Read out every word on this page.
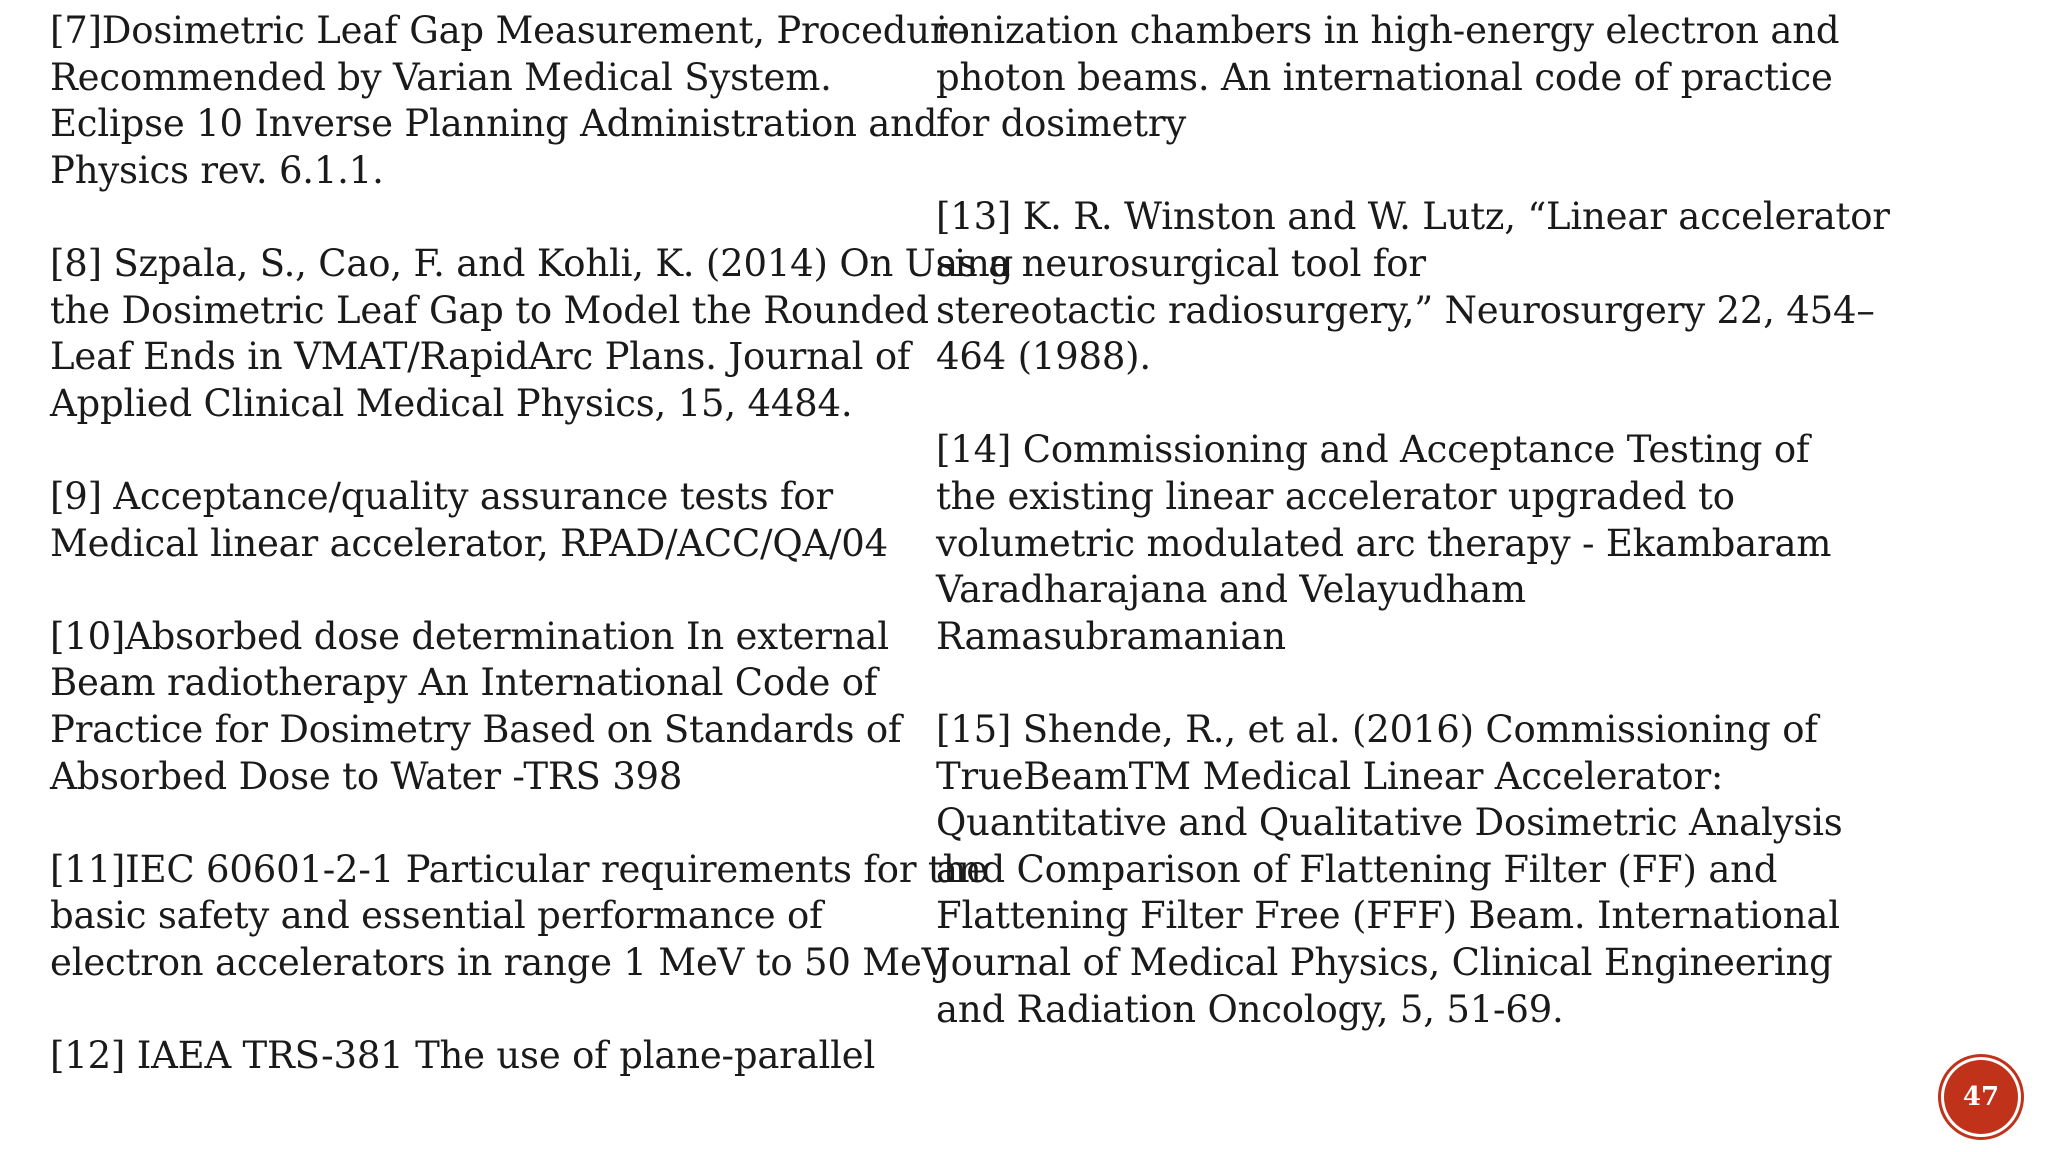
[7]Dosimetric Leaf Gap Measurement, Procedure
Recommended by Varian Medical System.
Eclipse 10 Inverse Planning Administration and
Physics rev. 6.1.1.
[8] Szpala, S., Cao, F. and Kohli, K. (2014) On Using
the Dosimetric Leaf Gap to Model the Rounded
Leaf Ends in VMAT/RapidArc Plans. Journal of
Applied Clinical Medical Physics, 15, 4484.
[9] Acceptance/quality assurance tests for
Medical linear accelerator, RPAD/ACC/QA/04
[10]Absorbed dose determination In external
Beam radiotherapy An International Code of
Practice for Dosimetry Based on Standards of
Absorbed Dose to Water -TRS 398
[11]IEC 60601-2-1 Particular requirements for the
basic safety and essential performance of
electron accelerators in range 1 MeV to 50 MeV
[12] IAEA TRS-381 The use of plane-parallel
ionization chambers in high-energy electron and
photon beams. An international code of practice
for dosimetry
[13] K. R. Winston and W. Lutz, “Linear accelerator
as a neurosurgical tool for
stereotactic radiosurgery,” Neurosurgery 22, 454–
464 (1988).
[14] Commissioning and Acceptance Testing of
the existing linear accelerator upgraded to
volumetric modulated arc therapy - Ekambaram
Varadharajana and Velayudham
Ramasubramanian
[15] Shende, R., et al. (2016) Commissioning of
TrueBeamTM Medical Linear Accelerator:
Quantitative and Qualitative Dosimetric Analysis
and Comparison of Flattening Filter (FF) and
Flattening Filter Free (FFF) Beam. International
Journal of Medical Physics, Clinical Engineering
and Radiation Oncology, 5, 51-69.
47
